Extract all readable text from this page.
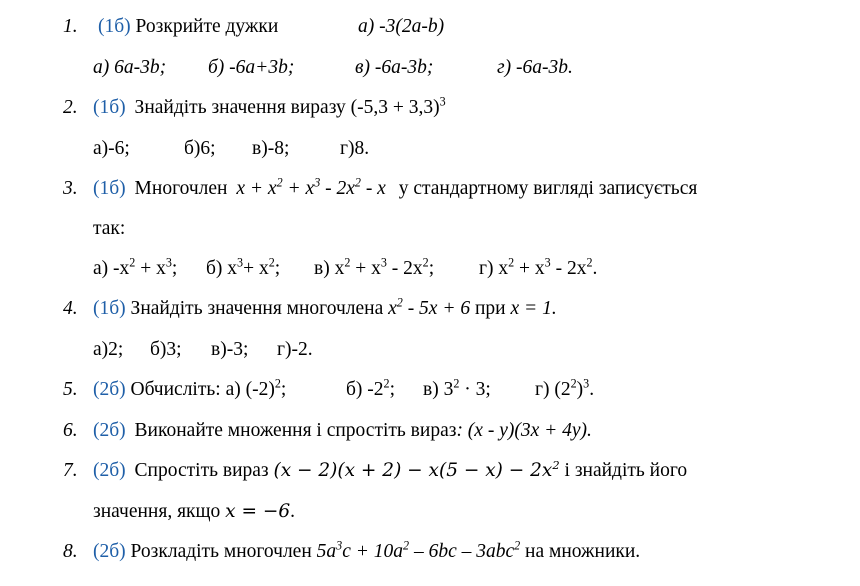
1. (1б) Розкрийте дужки	а) -3(2a-b)
а) 6a-3b; б) -6a+3b;	в) -6a-3b;	г) -6a-3b.
2. (1б) Знайдіть значення виразу $(-5,3 + 3,3)^3$
а)-6;	б)6; в)-8;	г)8.
3. (1б) Многочлен $x + x^2 + x^3 - 2x^2 - x$ у стандартному вигляді записується
так:
а) $-x^2 + x^3$; б) $x^3+ x^2$; в) $x^2 + x^3 - 2x^2$; г) $x^2 + x^3 - 2x^2$.
4. (1б) Знайдіть значення многочлена $x^2 - 5x + 6$ при x = 1.
а)2; б)3; в)-3; г)-2.
5. (2б) Обчисліть: а) $(-2)^2$;	б) $-2^2$; в) $3^2 \cdot 3$; г) $(2^2)^3$.
6. (2б) Виконайте множення і спростіть вираз: (x - y)(3x + 4y).
7. (2б) Спростіть вираз $(x - 2)(x + 2) - x(5 - x) - 2x^2$ і знайдіть його
значення, якщо x = −6.
8. (2б) Розкладіть многочлен $5a^3c + 10a^2 - 6bc - 3abc^2$ на множники.
